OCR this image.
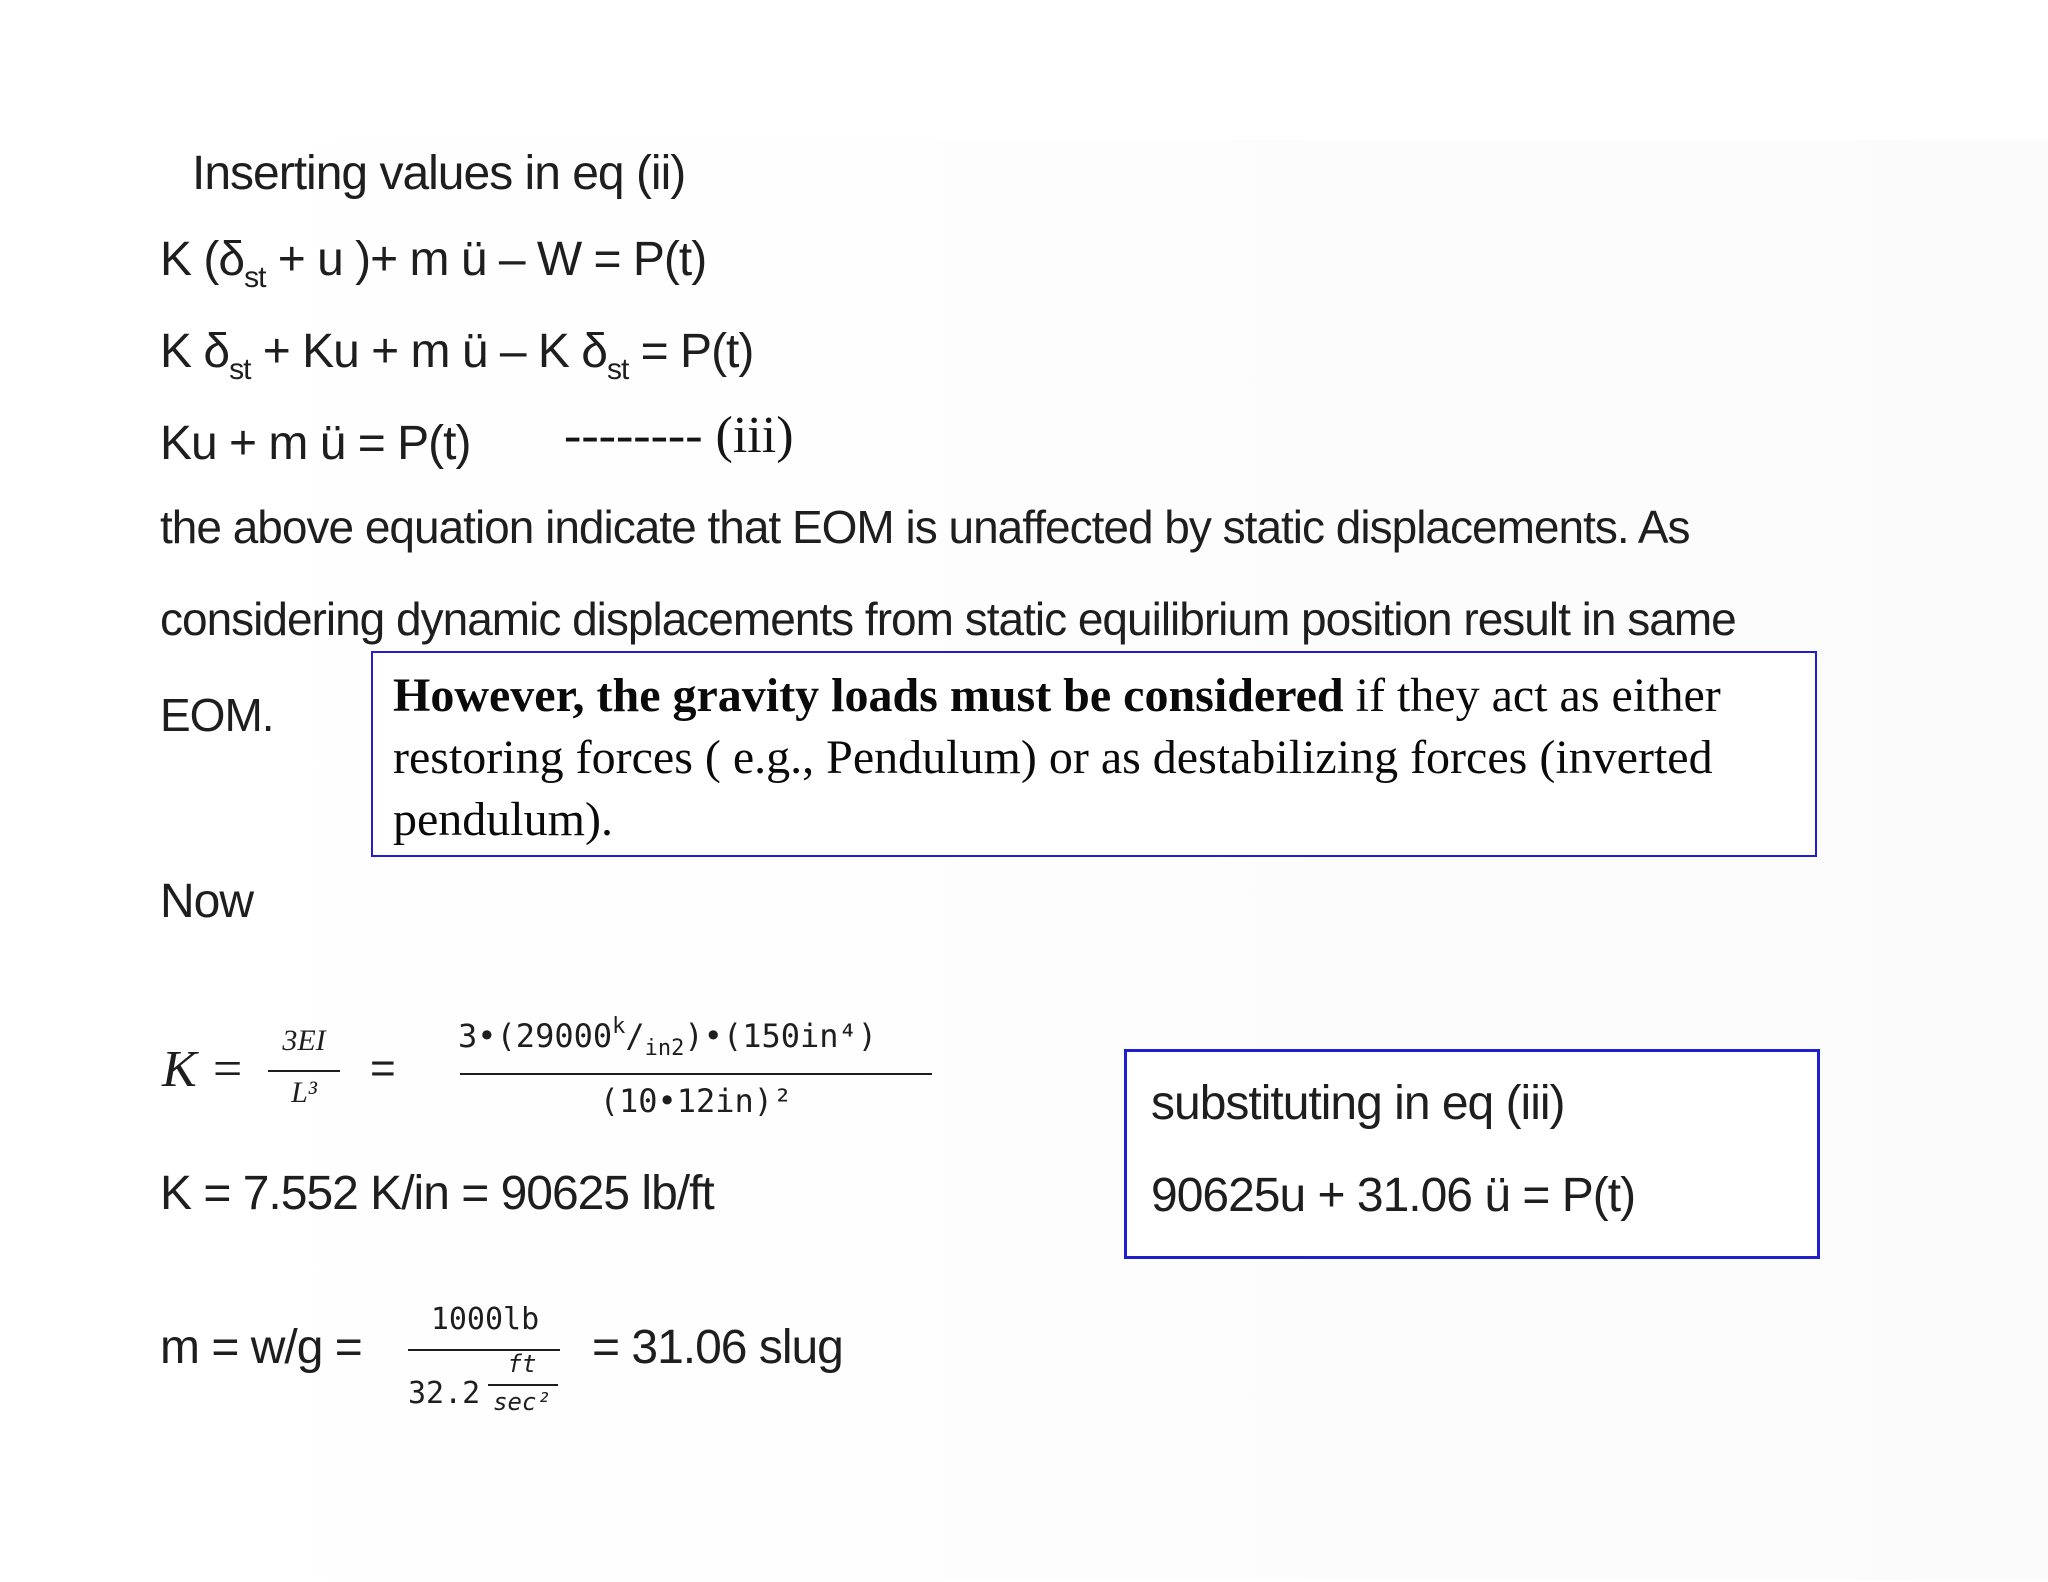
Inserting values in eq (ii)
K ($\delta_{st} + u$ )+ m ü – W = P(t)
K $\delta_{st} + Ku + m$ ü – K $\delta_{st} = P(t)$
Ku + m ü = P(t) -------- (iii)
the above equation indicate that EOM is unaffected by static displacements. As
considering dynamic displacements from static equilibrium position result in same
EOM. However, the gravity loads must be considered if they act as either restoring forces ( e.g., Pendulum) or as destabilizing forces (inverted pendulum).
Now
K =
3EI
L³	=
$3•(29000^k/_{in2})•(150in^4)$
(10•12in)²
K = 7.552 K/in = 90625 lb/ft
m = w/g =
1000lb
32.2
ft
sec²
= 31.06 slug
substituting in eq (iii)
90625u + 31.06 ü = P(t)
